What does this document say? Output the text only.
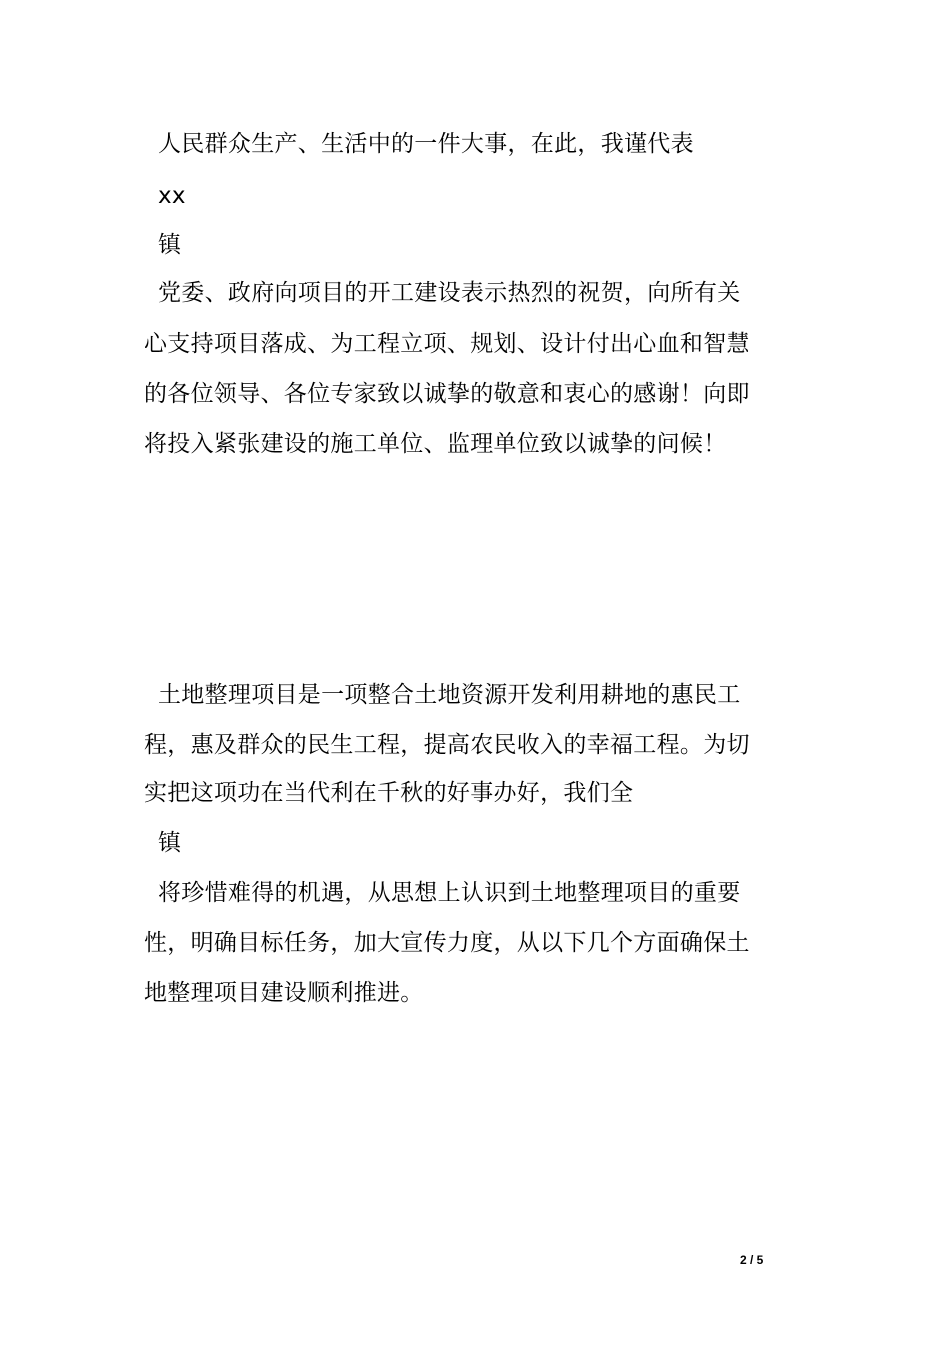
人民群众生产、生活中的一件大事，在此，我谨代表
xx
镇
党委、政府向项目的开工建设表示热烈的祝贺，向所有关
心支持项目落成、为工程立项、规划、设计付出心血和智慧
的各位领导、各位专家致以诚挚的敬意和衷心的感谢！向即
将投入紧张建设的施工单位、监理单位致以诚挚的问候！
土地整理项目是一项整合土地资源开发利用耕地的惠民工
程，惠及群众的民生工程，提高农民收入的幸福工程。为切
实把这项功在当代利在千秋的好事办好，我们全
镇
将珍惜难得的机遇，从思想上认识到土地整理项目的重要
性，明确目标任务，加大宣传力度，从以下几个方面确保土
地整理项目建设顺利推进。
2 / 5
